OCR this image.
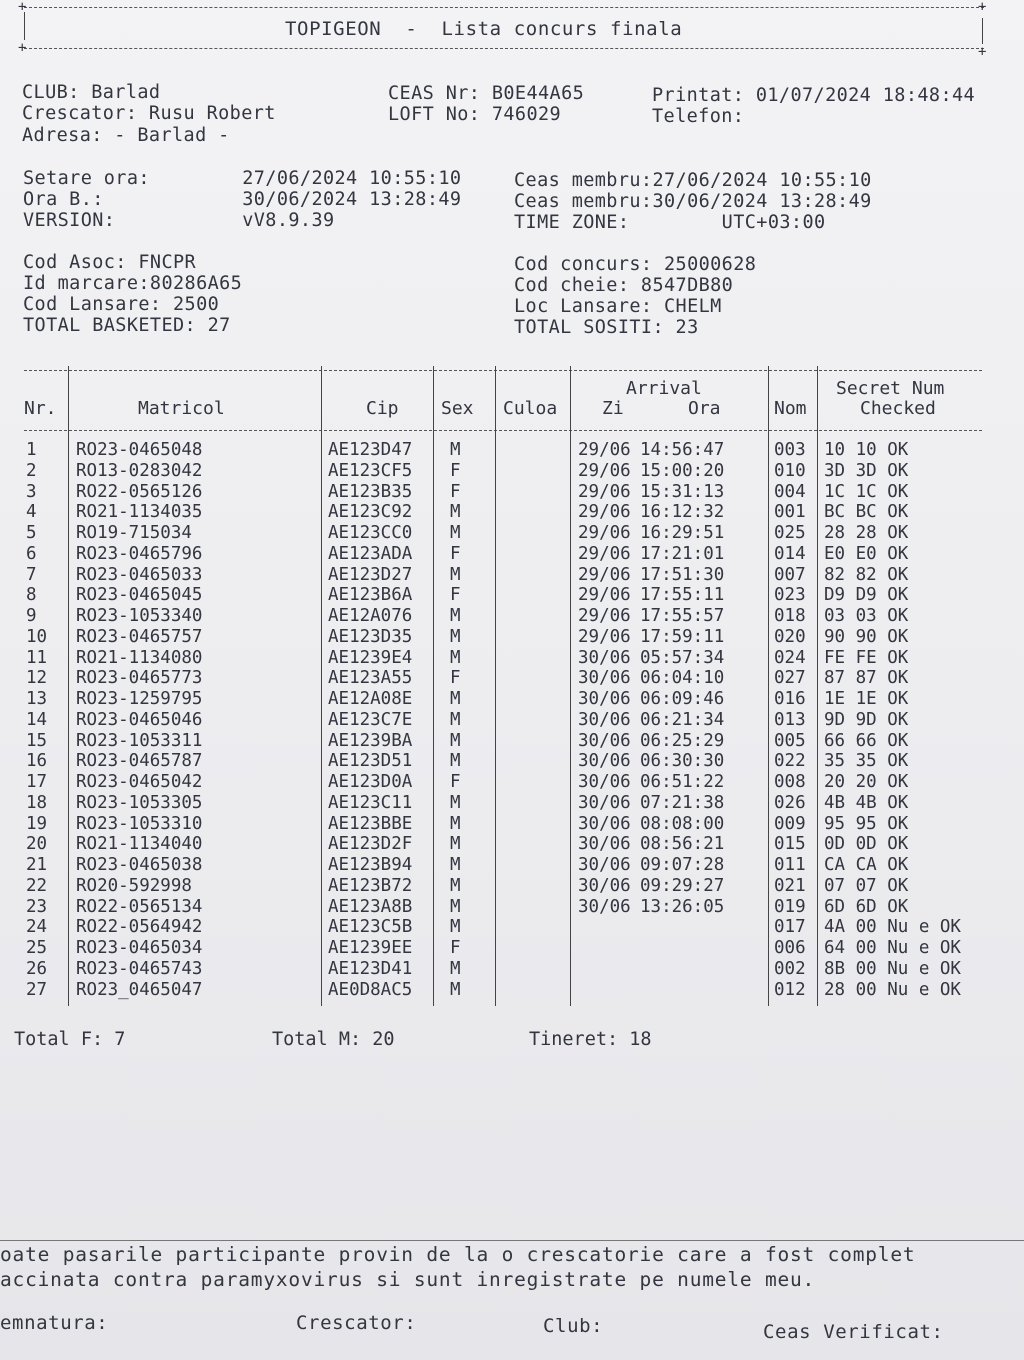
+	+
TOPIGEON  -  Lista concurs finala
+	+
CLUB: Barlad
Crescator: Rusu Robert
Adresa: - Barlad -
CEAS Nr: B0E44A65
LOFT No: 746029
Printat: 01/07/2024 18:48:44
Telefon:
Setare ora:        27/06/2024 10:55:10
Ora B.:            30/06/2024 13:28:49
VERSION:           vV8.9.39
Ceas membru:27/06/2024 10:55:10
Ceas membru:30/06/2024 13:28:49
TIME ZONE:        UTC+03:00
Cod Asoc: FNCPR
Id marcare:80286A65
Cod Lansare: 2500
TOTAL BASKETED: 27
Cod concurs: 25000628
Cod cheie: 8547DB80
Loc Lansare: CHELM
TOTAL SOSITI: 23
Nr.	Matricol	Cip Sex Culoa
Arrival
Zi	Ora	Nom
Secret Num
Checked
1	RO23-0465048	AE123D47 M	29/06 14:56:47	003 10 10 OK
2	RO13-0283042	AE123CF5 F	29/06 15:00:20	010 3D 3D OK
3	RO22-0565126	AE123B35 F	29/06 15:31:13	004 1C 1C OK
4	RO21-1134035	AE123C92 M	29/06 16:12:32	001 BC BC OK
5	RO19-715034	AE123CC0 M	29/06 16:29:51	025 28 28 OK
6	RO23-0465796	AE123ADA F	29/06 17:21:01	014 E0 E0 OK
7	RO23-0465033	AE123D27 M	29/06 17:51:30	007 82 82 OK
8	RO23-0465045	AE123B6A F	29/06 17:55:11	023 D9 D9 OK
9	RO23-1053340	AE12A076 M	29/06 17:55:57	018 03 03 OK
10	RO23-0465757	AE123D35 M	29/06 17:59:11	020 90 90 OK
11	RO21-1134080	AE1239E4 M	30/06 05:57:34	024 FE FE OK
12	RO23-0465773	AE123A55 F	30/06 06:04:10	027 87 87 OK
13	RO23-1259795	AE12A08E M	30/06 06:09:46	016 1E 1E OK
14	RO23-0465046	AE123C7E M	30/06 06:21:34	013 9D 9D OK
15	RO23-1053311	AE1239BA M	30/06 06:25:29	005 66 66 OK
16	RO23-0465787	AE123D51 M	30/06 06:30:30	022 35 35 OK
17	RO23-0465042	AE123D0A F	30/06 06:51:22	008 20 20 OK
18	RO23-1053305	AE123C11 M	30/06 07:21:38	026 4B 4B OK
19	RO23-1053310	AE123BBE M	30/06 08:08:00	009 95 95 OK
20	RO21-1134040	AE123D2F M	30/06 08:56:21	015 0D 0D OK
21	RO23-0465038	AE123B94 M	30/06 09:07:28	011 CA CA OK
22	RO20-592998	AE123B72 M	30/06 09:29:27	021 07 07 OK
23	RO22-0565134	AE123A8B M	30/06 13:26:05	019 6D 6D OK
24	RO22-0564942	AE123C5B M	017 4A 00 Nu e OK
25	RO23-0465034	AE1239EE F	006 64 00 Nu e OK
26	RO23-0465743	AE123D41 M	002 8B 00 Nu e OK
27	RO23_0465047	AE0D8AC5 M	012 28 00 Nu e OK
Total F: 7	Total M: 20	Tineret: 18
oate pasarile participante provin de la o crescatorie care a fost complet
accinata contra paramyxovirus si sunt inregistrate pe numele meu.
emnatura:	Crescator:	Club:	Ceas Verificat:
